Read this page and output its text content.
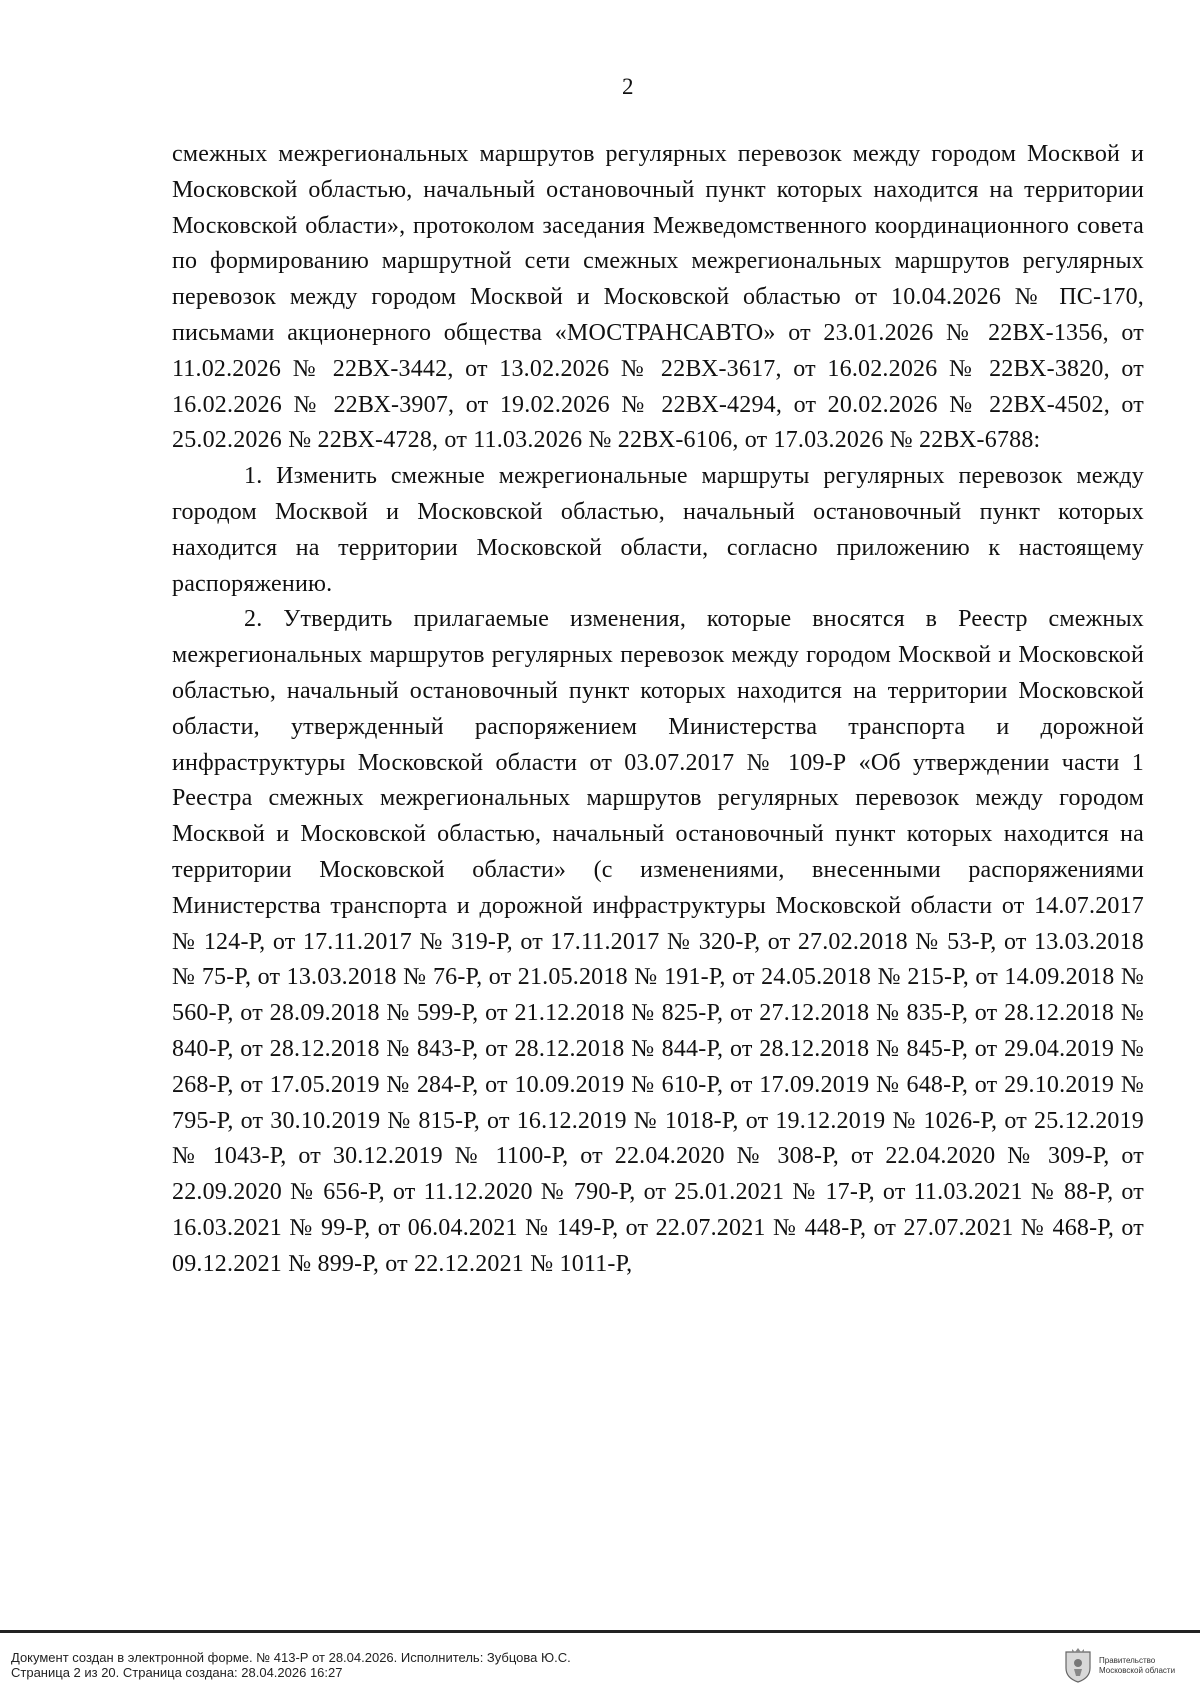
2

смежных межрегиональных маршрутов регулярных перевозок между городом Москвой и Московской областью, начальный остановочный пункт которых находится на территории Московской области», протоколом заседания Межведомственного координационного совета по формированию маршрутной сети смежных межрегиональных маршрутов регулярных перевозок между городом Москвой и Московской областью от 10.04.2026 № ПС-170, письмами акционерного общества «МОСТРАНСАВТО» от 23.01.2026 № 22ВХ-1356, от 11.02.2026 № 22ВХ-3442, от 13.02.2026 № 22ВХ-3617, от 16.02.2026 № 22ВХ-3820, от 16.02.2026 № 22ВХ-3907, от 19.02.2026 № 22ВХ-4294, от 20.02.2026 № 22ВХ-4502, от 25.02.2026 № 22ВХ-4728, от 11.03.2026 № 22ВХ-6106, от 17.03.2026 № 22ВХ-6788:

1. Изменить смежные межрегиональные маршруты регулярных перевозок между городом Москвой и Московской областью, начальный остановочный пункт которых находится на территории Московской области, согласно приложению к настоящему распоряжению.

2. Утвердить прилагаемые изменения, которые вносятся в Реестр смежных межрегиональных маршрутов регулярных перевозок между городом Москвой и Московской областью, начальный остановочный пункт которых находится на территории Московской области, утвержденный распоряжением Министерства транспорта и дорожной инфраструктуры Московской области от 03.07.2017 № 109-Р «Об утверждении части 1 Реестра смежных межрегиональных маршрутов регулярных перевозок между городом Москвой и Московской областью, начальный остановочный пункт которых находится на территории Московской области» (с изменениями, внесенными распоряжениями Министерства транспорта и дорожной инфраструктуры Московской области от 14.07.2017 № 124-Р, от 17.11.2017 № 319-Р, от 17.11.2017 № 320-Р, от 27.02.2018 № 53-Р, от 13.03.2018 № 75-Р, от 13.03.2018 № 76-Р, от 21.05.2018 № 191-Р, от 24.05.2018 № 215-Р, от 14.09.2018 № 560-Р, от 28.09.2018 № 599-Р, от 21.12.2018 № 825-Р, от 27.12.2018 № 835-Р, от 28.12.2018 № 840-Р, от 28.12.2018 № 843-Р, от 28.12.2018 № 844-Р, от 28.12.2018 № 845-Р, от 29.04.2019 № 268-Р, от 17.05.2019 № 284-Р, от 10.09.2019 № 610-Р, от 17.09.2019 № 648-Р, от 29.10.2019 № 795-Р, от 30.10.2019 № 815-Р, от 16.12.2019 № 1018-Р, от 19.12.2019 № 1026-Р, от 25.12.2019 № 1043-Р, от 30.12.2019 № 1100-Р, от 22.04.2020 № 308-Р, от 22.04.2020 № 309-Р, от 22.09.2020 № 656-Р, от 11.12.2020 № 790-Р, от 25.01.2021 № 17-Р, от 11.03.2021 № 88-Р, от 16.03.2021 № 99-Р, от 06.04.2021 № 149-Р, от 22.07.2021 № 448-Р, от 27.07.2021 № 468-Р, от 09.12.2021 № 899-Р, от 22.12.2021 № 1011-Р,

Документ создан в электронной форме. № 413-Р от 28.04.2026. Исполнитель: Зубцова Ю.С.
Страница 2 из 20. Страница создана: 28.04.2026 16:27
Правительство
Московской области
